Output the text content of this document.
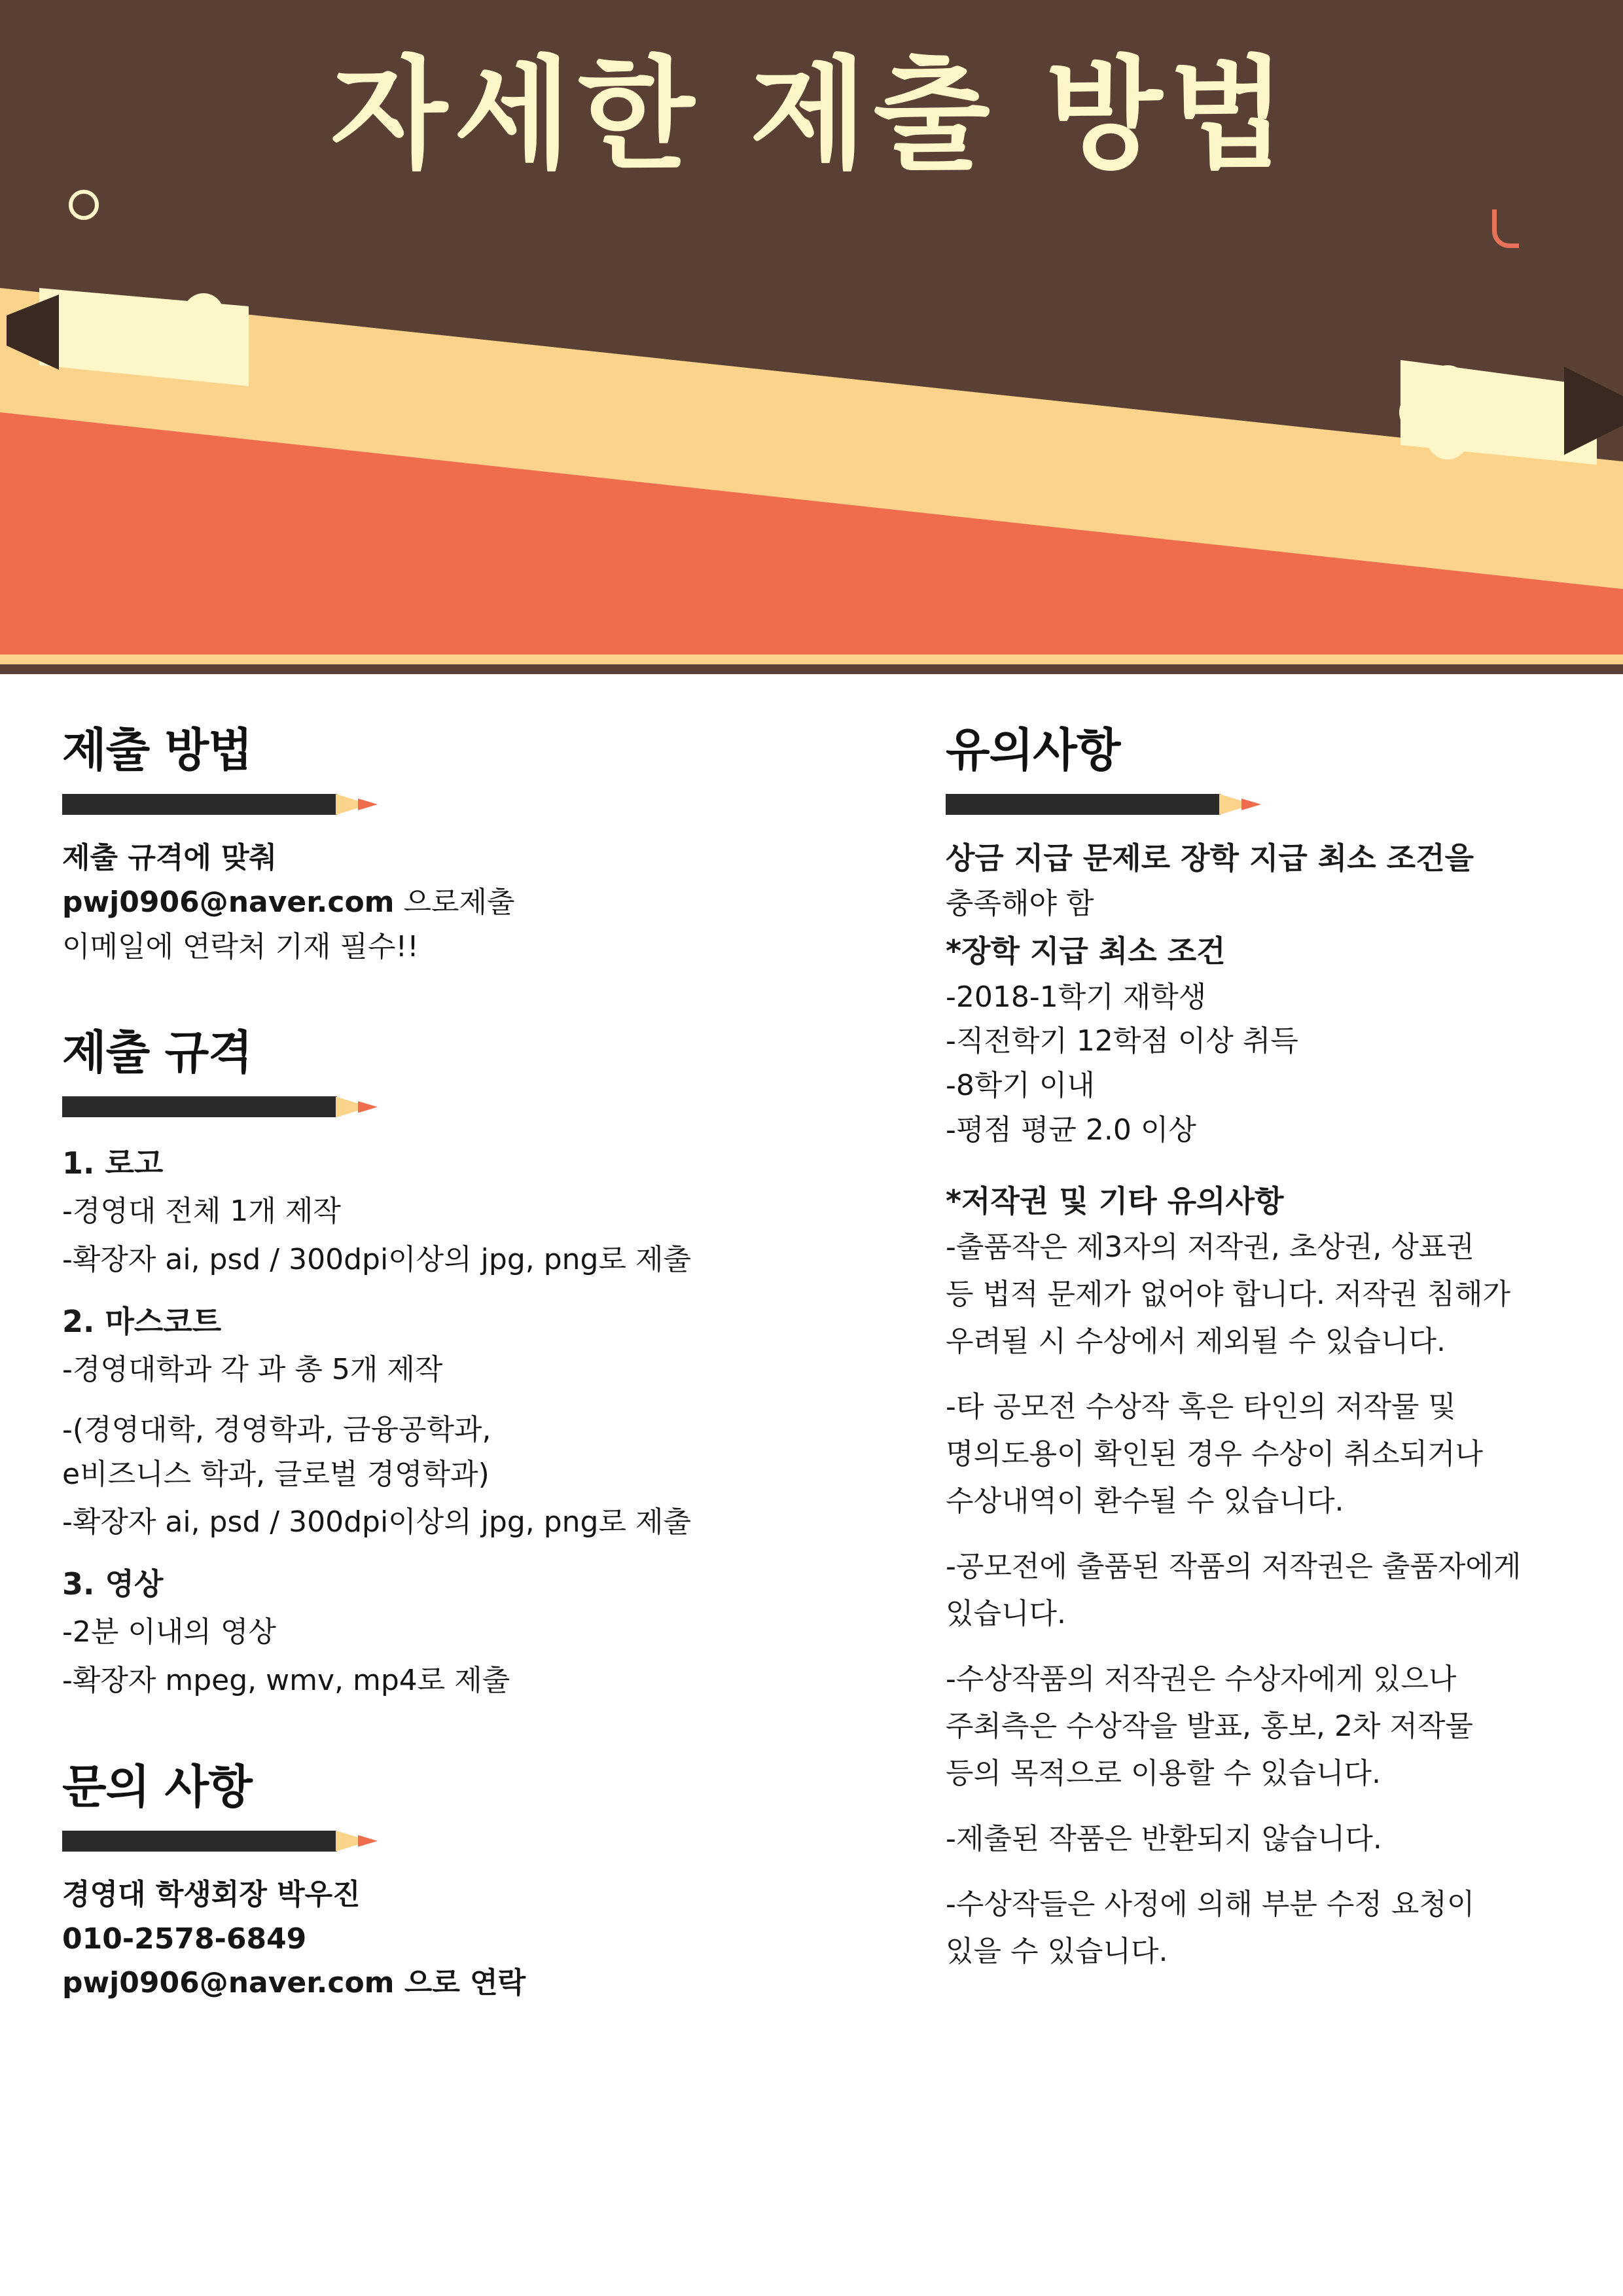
자세한 제출 방법
제출 방법

제출 규격에 맞춰

pwj0906@naver.com 으로제출

이메일에 연락처 기재 필수!!

제출 규격

1. 로고

-경영대 전체 1개 제작

-확장자 ai, psd / 300dpi이상의 jpg, png로 제출

2. 마스코트

-경영대학과 각 과 총 5개 제작

-(경영대학, 경영학과, 금융공학과,

e비즈니스 학과, 글로벌 경영학과)

-확장자 ai, psd / 300dpi이상의 jpg, png로 제출

3. 영상

-2분 이내의 영상

-확장자 mpeg, wmv, mp4로 제출

문의 사항

경영대 학생회장 박우진

010-2578-6849

pwj0906@naver.com 으로 연락

유의사항

상금 지급 문제로 장학 지급 최소 조건을

충족해야 함

*장학 지급 최소 조건

-2018-1학기 재학생

-직전학기 12학점 이상 취득

-8학기 이내

-평점 평균 2.0 이상

*저작권 및 기타 유의사항

-출품작은 제3자의 저작권, 초상권, 상표권

등 법적 문제가 없어야 합니다. 저작권 침해가

우려될 시 수상에서 제외될 수 있습니다.

-타 공모전 수상작 혹은 타인의 저작물 및

명의도용이 확인된 경우 수상이 취소되거나

수상내역이 환수될 수 있습니다.

-공모전에 출품된 작품의 저작권은 출품자에게

있습니다.

-수상작품의 저작권은 수상자에게 있으나

주최측은 수상작을 발표, 홍보, 2차 저작물

등의 목적으로 이용할 수 있습니다.

-제출된 작품은 반환되지 않습니다.

-수상작들은 사정에 의해 부분 수정 요청이

있을 수 있습니다.
